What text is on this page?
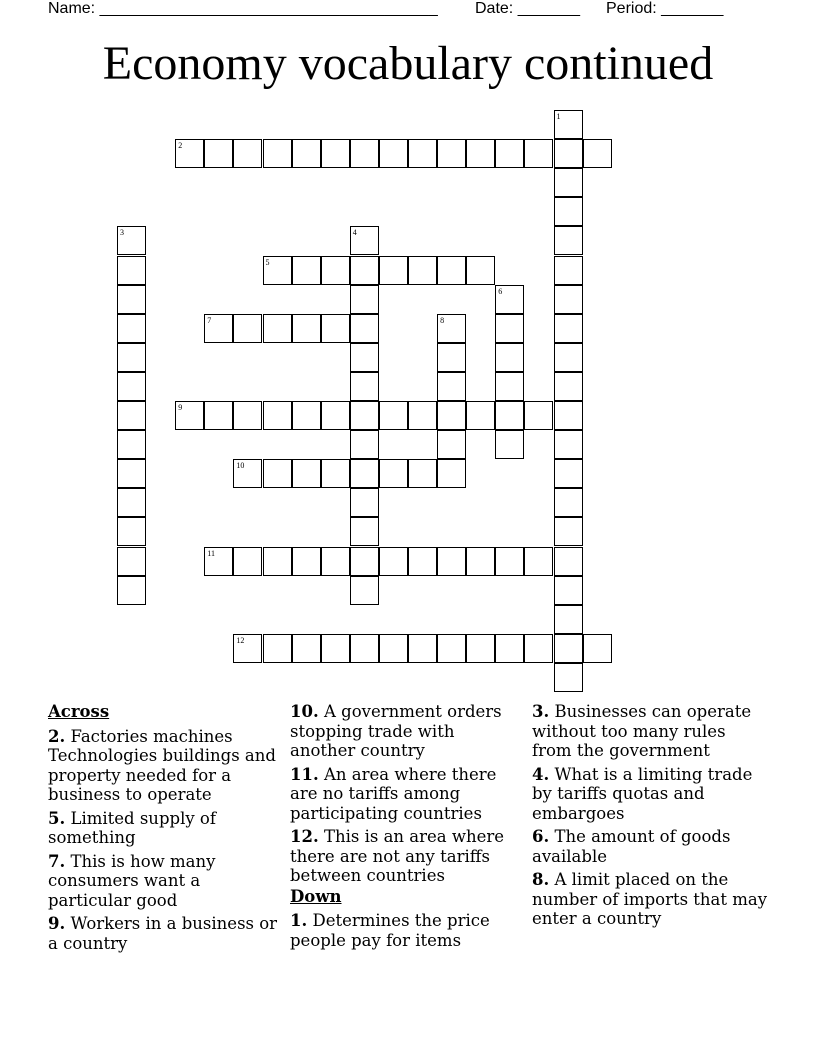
Name: ______________________________________ Date: _______ Period: _______
Economy vocabulary continued
1
2
3	4
5
6
7	8
9
10
11
12
Across
2. Factories machines Technologies buildings and property needed for a business to operate
5. Limited supply of something
7. This is how many consumers want a particular good
9. Workers in a business or a country
10. A government orders stopping trade with another country
11. An area where there are no tariffs among participating countries
12. This is an area where there are not any tariffs between countries
Down
1. Determines the price people pay for items
3. Businesses can operate without too many rules from the government
4. What is a limiting trade by tariffs quotas and embargoes
6. The amount of goods available
8. A limit placed on the number of imports that may enter a country
